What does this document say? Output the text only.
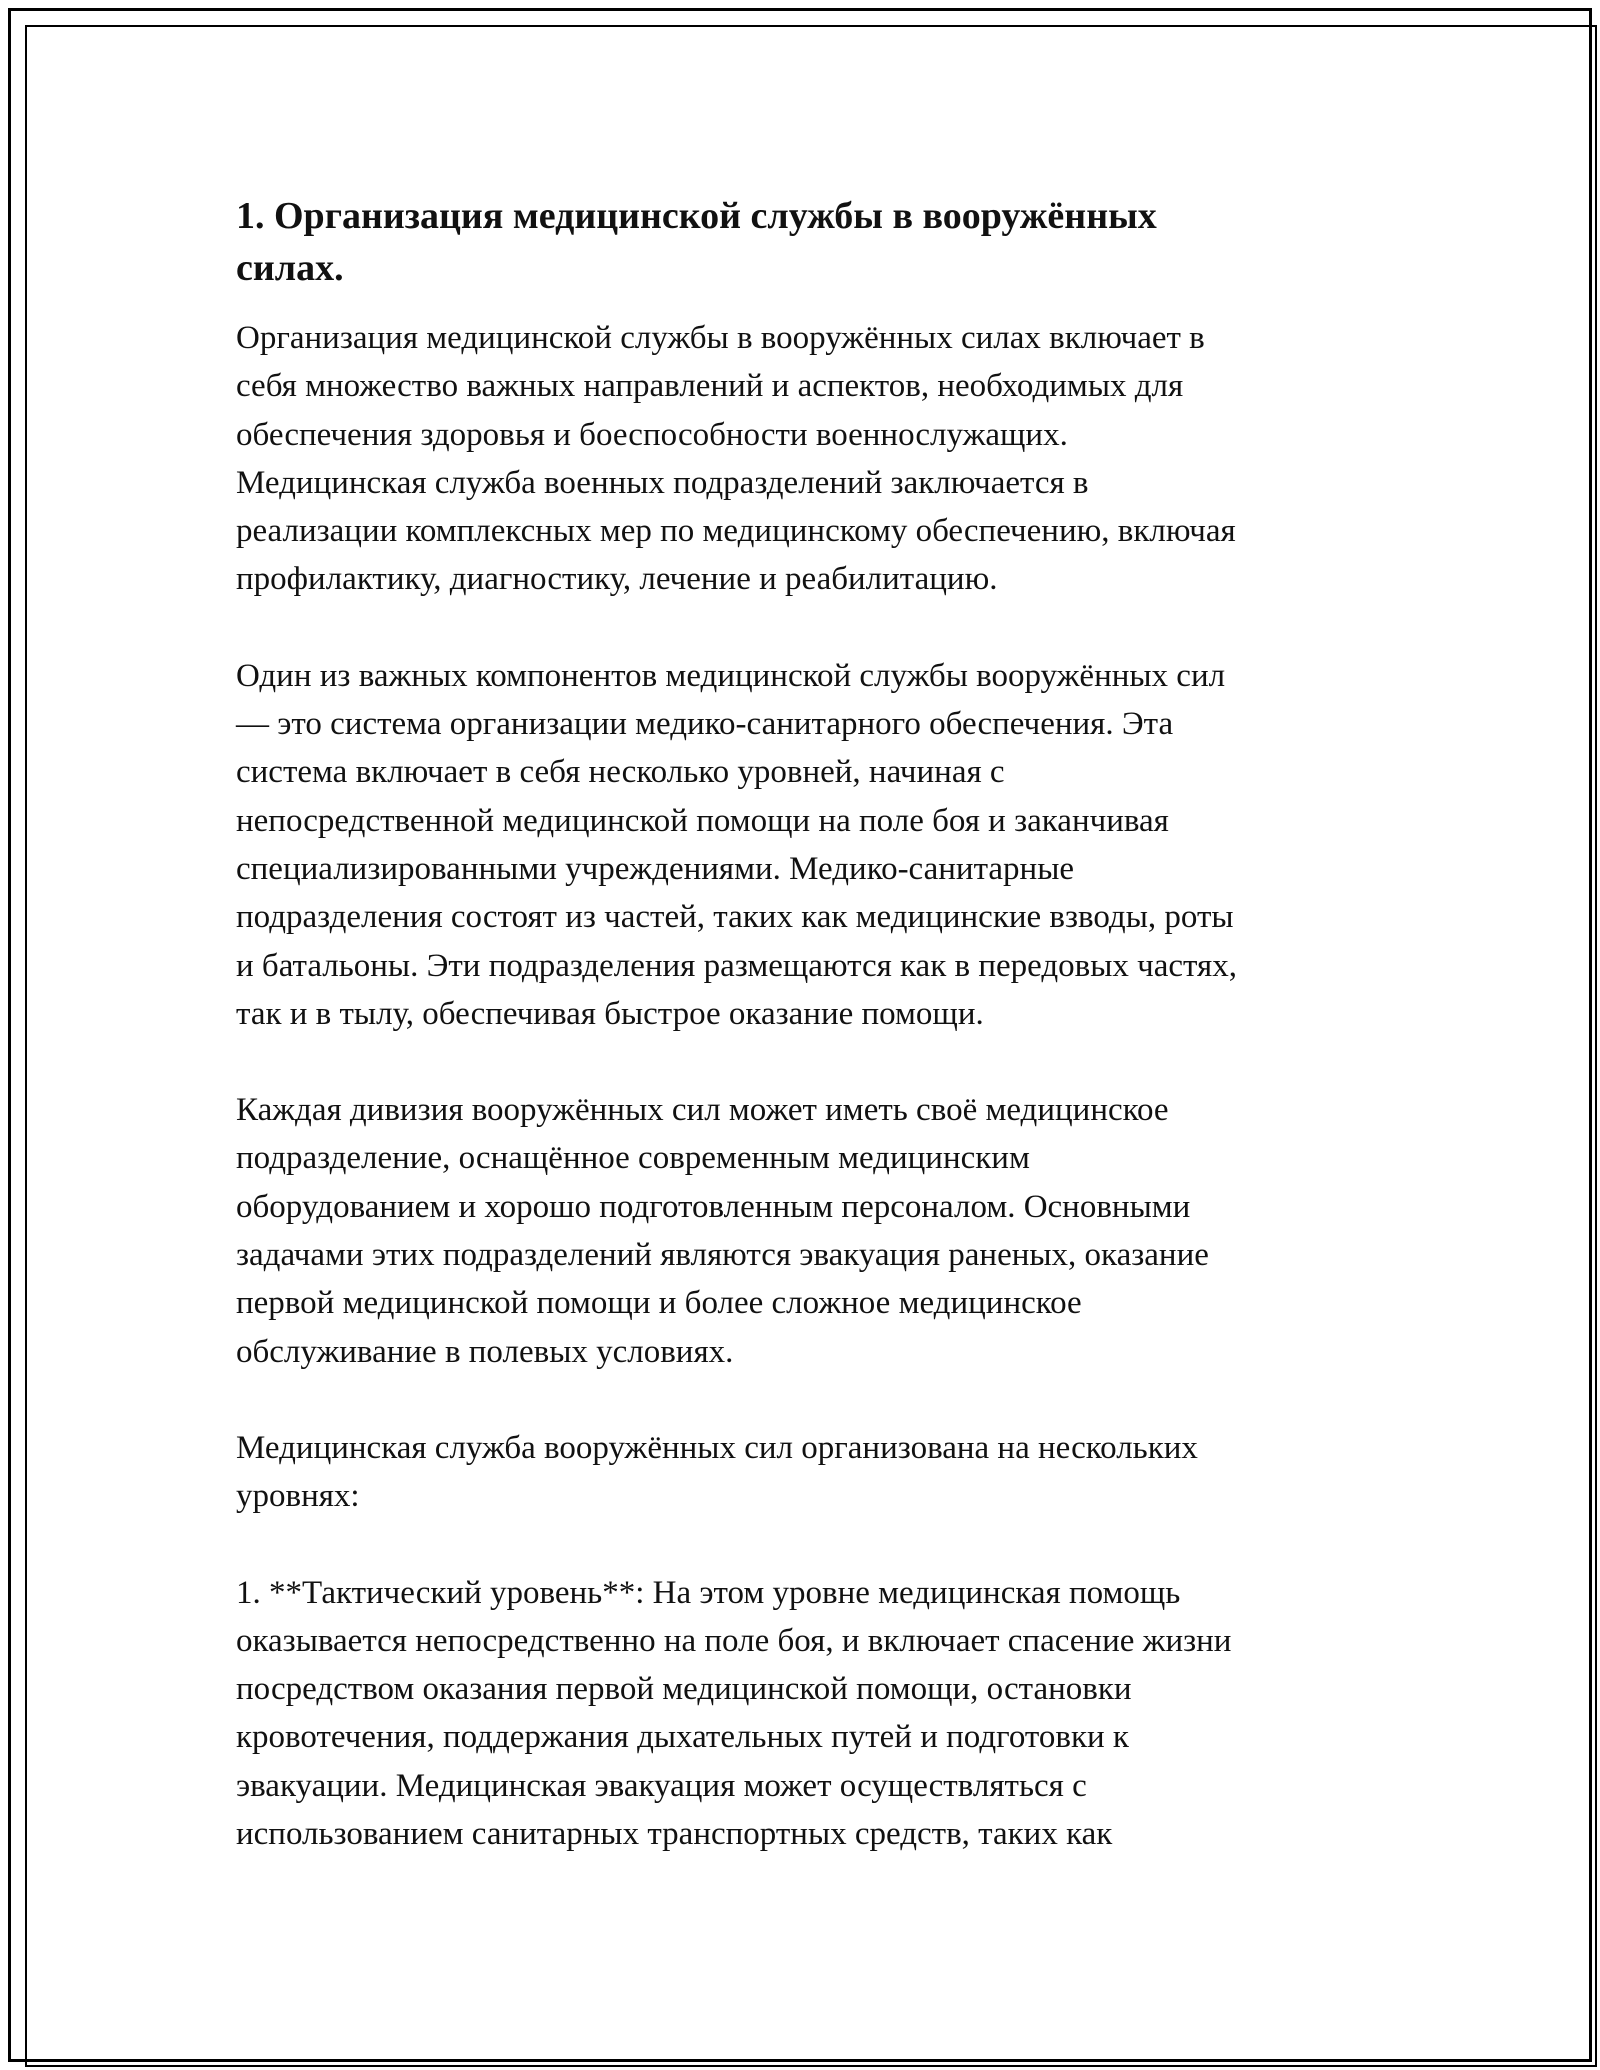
1. Организация медицинской службы в вооружённых
силах.

Организация медицинской службы в вооружённых силах включает в
себя множество важных направлений и аспектов, необходимых для
обеспечения здоровья и боеспособности военнослужащих.
Медицинская служба военных подразделений заключается в
реализации комплексных мер по медицинскому обеспечению, включая
профилактику, диагностику, лечение и реабилитацию.

Один из важных компонентов медицинской службы вооружённых сил
— это система организации медико-санитарного обеспечения. Эта
система включает в себя несколько уровней, начиная с
непосредственной медицинской помощи на поле боя и заканчивая
специализированными учреждениями. Медико-санитарные
подразделения состоят из частей, таких как медицинские взводы, роты
и батальоны. Эти подразделения размещаются как в передовых частях,
так и в тылу, обеспечивая быстрое оказание помощи.

Каждая дивизия вооружённых сил может иметь своё медицинское
подразделение, оснащённое современным медицинским
оборудованием и хорошо подготовленным персоналом. Основными
задачами этих подразделений являются эвакуация раненых, оказание
первой медицинской помощи и более сложное медицинское
обслуживание в полевых условиях.

Медицинская служба вооружённых сил организована на нескольких
уровнях:

1. **Тактический уровень**: На этом уровне медицинская помощь
оказывается непосредственно на поле боя, и включает спасение жизни
посредством оказания первой медицинской помощи, остановки
кровотечения, поддержания дыхательных путей и подготовки к
эвакуации. Медицинская эвакуация может осуществляться с
использованием санитарных транспортных средств, таких как
